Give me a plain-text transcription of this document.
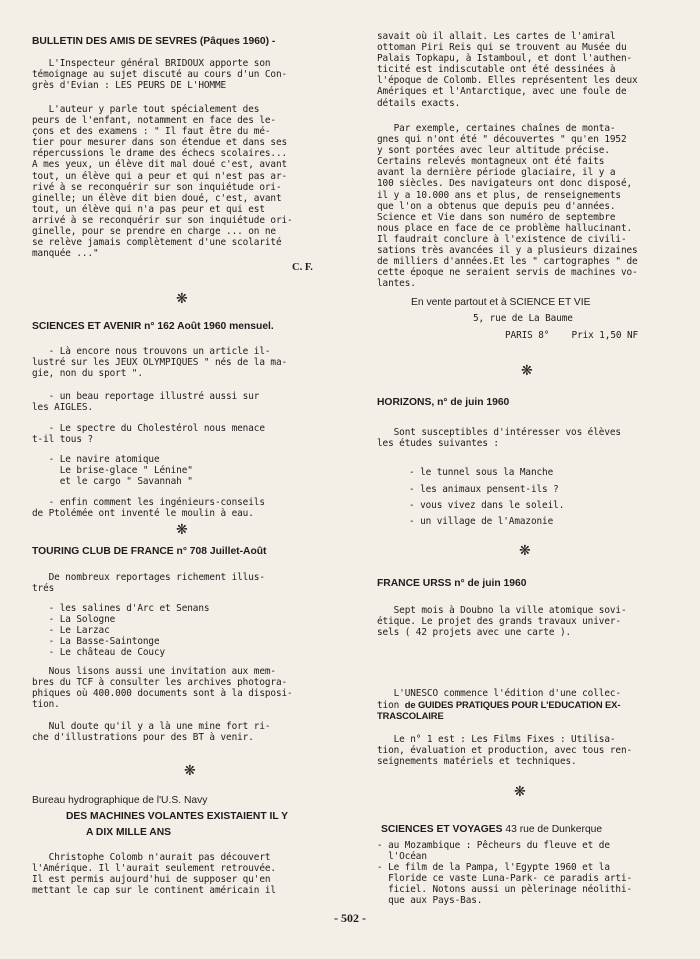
BULLETIN DES AMIS DE SEVRES (Pâques 1960) -
L'Inspecteur général BRIDOUX apporte son
témoignage au sujet discuté au cours d'un Con-
grès d'Evian : LES PEURS DE L'HOMME
L'auteur y parle tout spécialement des
peurs de l'enfant, notamment en face des le-
çons et des examens : " Il faut être du mé-
tier pour mesurer dans son étendue et dans ses
répercussions le drame des échecs scolaires...
A mes yeux, un élève dit mal doué c'est, avant
tout, un élève qui a peur et qui n'est pas ar-
rivé à se reconquérir sur son inquiétude ori-
ginelle; un élève dit bien doué, c'est, avant
tout, un élève qui n'a pas peur et qui est
arrivé à se reconquérir sur son inquiétude ori-
ginelle, pour se prendre en charge ... on ne
se relève jamais complètement d'une scolarité
manquée ..."
C. F.
❋
SCIENCES ET AVENIR n° 162 Août 1960 mensuel.
- Là encore nous trouvons un article il-
lustré sur les JEUX OLYMPIQUES " nés de la ma-
gie, non du sport ".
- un beau reportage illustré aussi sur
les AIGLES.
- Le spectre du Cholestérol nous menace
t-il tous ?
- Le navire atomique
Le brise-glace " Lénine"
et le cargo " Savannah "
- enfin comment les ingénieurs-conseils
de Ptolémée ont inventé le moulin à eau.
❋
TOURING CLUB DE FRANCE n° 708 Juillet-Août
De nombreux reportages richement illus-
trés
- les salines d'Arc et Senans
- La Sologne
- Le Larzac
- La Basse-Saintonge
- Le château de Coucy
Nous lisons aussi une invitation aux mem-
bres du TCF à consulter les archives photogra-
phiques où 400.000 documents sont à la disposi-
tion.
Nul doute qu'il y a là une mine fort ri-
che d'illustrations pour des BT à venir.
❋
Bureau hydrographique de l'U.S. Navy
DES MACHINES VOLANTES EXISTAIENT IL Y
A DIX MILLE ANS
Christophe Colomb n'aurait pas découvert
l'Amérique. Il l'aurait seulement retrouvée.
Il est permis aujourd'hui de supposer qu'en
mettant le cap sur le continent américain il
savait où il allait. Les cartes de l'amiral
ottoman Piri Reis qui se trouvent au Musée du
Palais Topkapu, à Istamboul, et dont l'authen-
ticité est indiscutable ont été dessinées à
l'époque de Colomb. Elles représentent les deux
Amériques et l'Antarctique, avec une foule de
détails exacts.
Par exemple, certaines chaînes de monta-
gnes qui n'ont été " découvertes " qu'en 1952
y sont portées avec leur altitude précise.
Certains relevés montagneux ont été faits
avant la dernière période glaciaire, il y a
100 siècles. Des navigateurs ont donc disposé,
il y a 10.000 ans et plus, de renseignements
que l'on a obtenus que depuis peu d'années.
Science et Vie dans son numéro de septembre
nous place en face de ce problème hallucinant.
Il faudrait conclure à l'existence de civili-
sations très avancées il y a plusieurs dizaines
de milliers d'années.Et les " cartographes " de
cette époque ne seraient servis de machines vo-
lantes.
En vente partout et à SCIENCE ET VIE
5, rue de La Baume
PARIS 8°    Prix 1,50 NF
❋
HORIZONS, n° de juin 1960
Sont susceptibles d'intéresser vos élèves
les études suivantes :
- le tunnel sous la Manche
- les animaux pensent-ils ?
- vous vivez dans le soleil.
- un village de l'Amazonie
❋
FRANCE URSS n° de juin 1960
Sept mois à Doubno la ville atomique sovi-
étique. Le projet des grands travaux univer-
sels ( 42 projets avec une carte ).
L'UNESCO commence l'édition d'une collec-
tion de GUIDES PRATIQUES POUR L'EDUCATION EX-
TRASCOLAIRE
Le n° 1 est : Les Films Fixes : Utilisa-
tion, évaluation et production, avec tous ren-
seignements matériels et techniques.
❋
SCIENCES ET VOYAGES 43 rue de Dunkerque
- au Mozambique : Pêcheurs du fleuve et de
l'Océan
- Le film de la Pampa, l'Egypte 1960 et la
Floride ce vaste Luna-Park- ce paradis arti-
ficiel. Notons aussi un pèlerinage néolithi-
que aux Pays-Bas.
- 502 -
